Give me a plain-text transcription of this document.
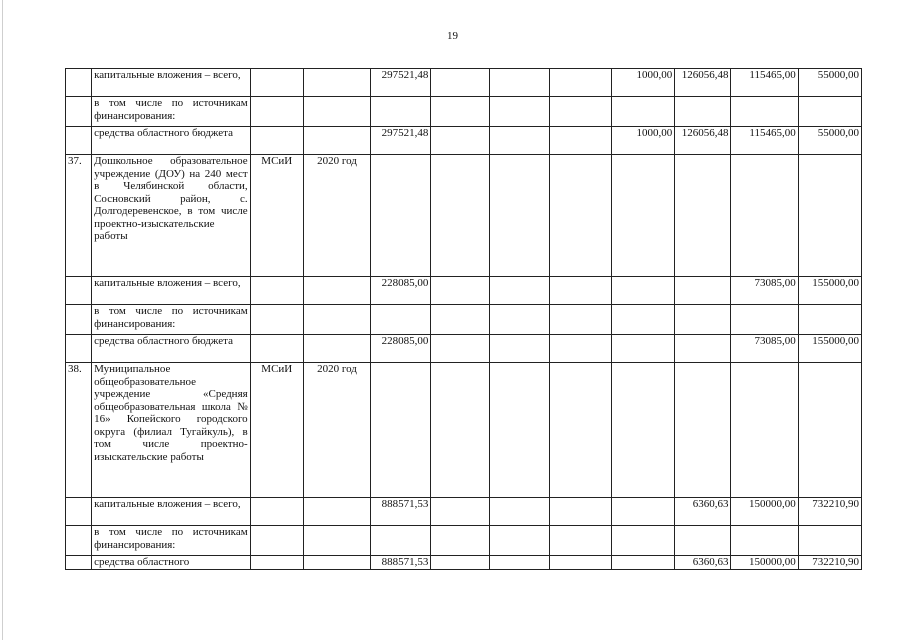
19
	капитальные вложения – всего,			297521,48				1000,00	126056,48	115465,00	55000,00
	в том числе по источникам финансирования:										
	средства областного бюджета			297521,48				1000,00	126056,48	115465,00	55000,00
37.	Дошкольное образовательное учреждение (ДОУ) на 240 мест в Челябинской области, Сосновский район, с. Долгодеревенское, в том числе проектно-изыскательские работы	МСиИ	2020 год								
	капитальные вложения – всего,			228085,00						73085,00	155000,00
	в том числе по источникам финансирования:										
	средства областного бюджета			228085,00						73085,00	155000,00
38.	Муниципальное общеобразовательное учреждение «Средняя общеобразовательная школа № 16» Копейского городского округа (филиал Тугайкуль), в том числе проектно-изыскательские работы	МСиИ	2020 год								
	капитальные вложения – всего,			888571,53					6360,63	150000,00	732210,90
	в том числе по источникам финансирования:										
	средства областного			888571,53					6360,63	150000,00	732210,90
